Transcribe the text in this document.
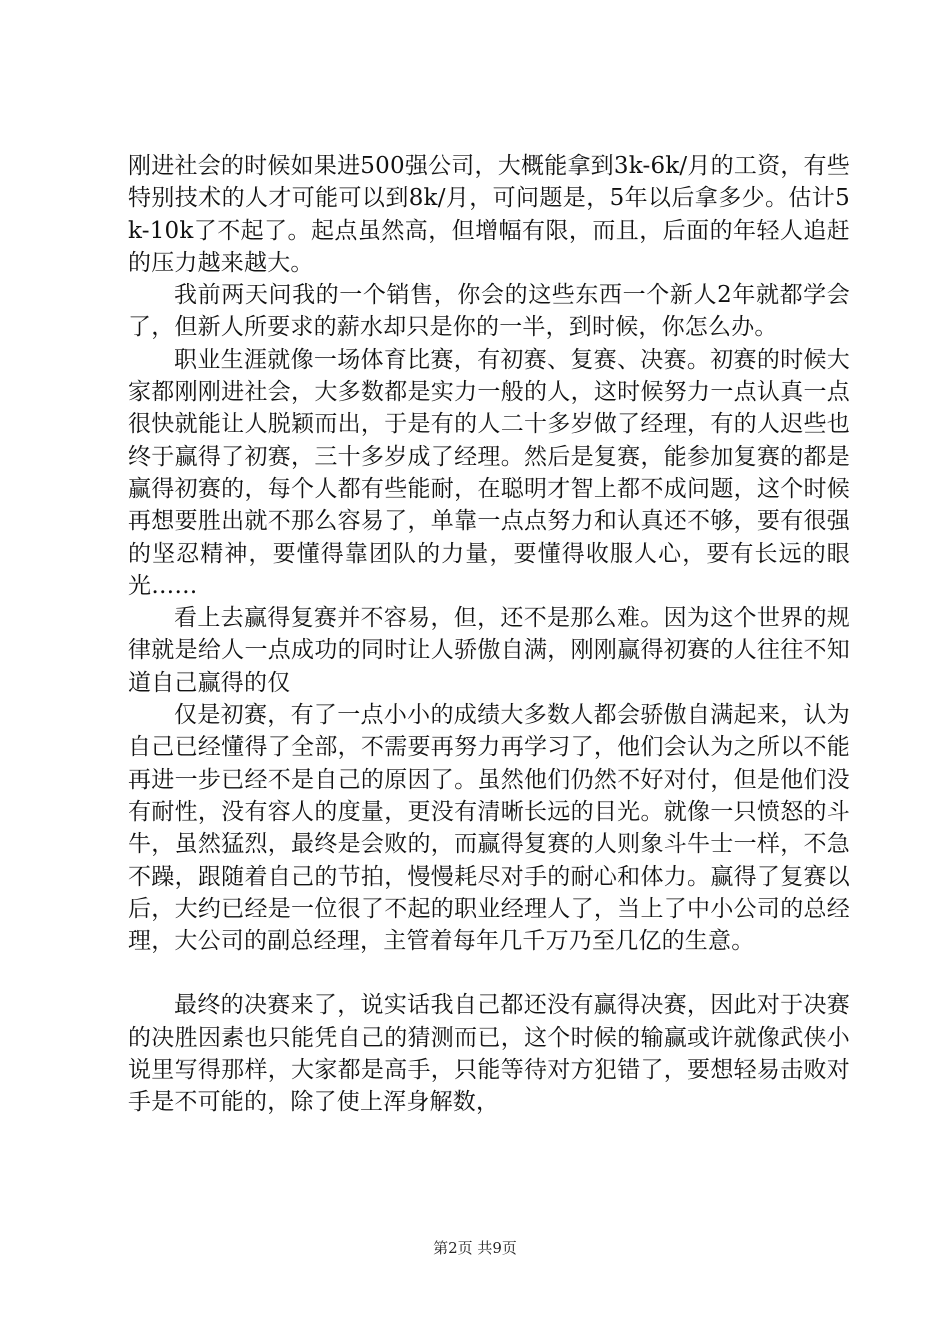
刚进社会的时候如果进500强公司，大概能拿到3k-6k/月的工资，有些特别技术的人才可能可以到8k/月，可问题是，5年以后拿多少。估计5k-10k了不起了。起点虽然高，但增幅有限，而且，后面的年轻人追赶的压力越来越大。

我前两天问我的一个销售，你会的这些东西一个新人2年就都学会了，但新人所要求的薪水却只是你的一半，到时候，你怎么办。

职业生涯就像一场体育比赛，有初赛、复赛、决赛。初赛的时候大家都刚刚进社会，大多数都是实力一般的人，这时候努力一点认真一点很快就能让人脱颖而出，于是有的人二十多岁做了经理，有的人迟些也终于赢得了初赛，三十多岁成了经理。然后是复赛，能参加复赛的都是赢得初赛的，每个人都有些能耐，在聪明才智上都不成问题，这个时候再想要胜出就不那么容易了，单靠一点点努力和认真还不够，要有很强的坚忍精神，要懂得靠团队的力量，要懂得收服人心，要有长远的眼光……

看上去赢得复赛并不容易，但，还不是那么难。因为这个世界的规律就是给人一点成功的同时让人骄傲自满，刚刚赢得初赛的人往往不知道自己赢得的仅

仅是初赛，有了一点小小的成绩大多数人都会骄傲自满起来，认为自己已经懂得了全部，不需要再努力再学习了，他们会认为之所以不能再进一步已经不是自己的原因了。虽然他们仍然不好对付，但是他们没有耐性，没有容人的度量，更没有清晰长远的目光。就像一只愤怒的斗牛，虽然猛烈，最终是会败的，而赢得复赛的人则象斗牛士一样，不急不躁，跟随着自己的节拍，慢慢耗尽对手的耐心和体力。赢得了复赛以后，大约已经是一位很了不起的职业经理人了，当上了中小公司的总经理，大公司的副总经理，主管着每年几千万乃至几亿的生意。

最终的决赛来了，说实话我自己都还没有赢得决赛，因此对于决赛的决胜因素也只能凭自己的猜测而已，这个时候的输赢或许就像武侠小说里写得那样，大家都是高手，只能等待对方犯错了，要想轻易击败对手是不可能的，除了使上浑身解数，

第2页 共9页
